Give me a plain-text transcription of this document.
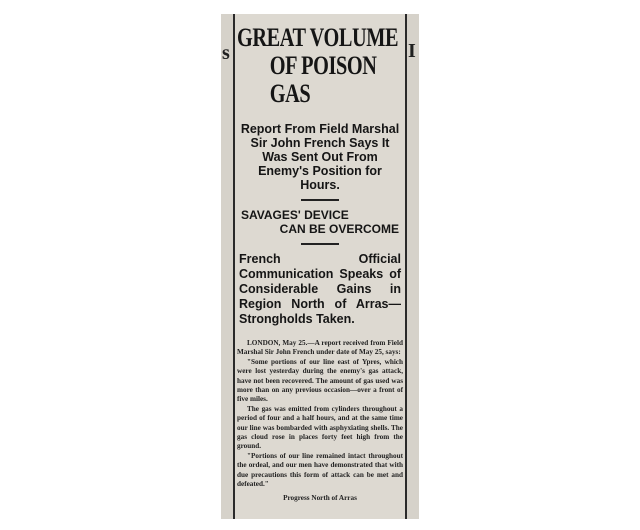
s	I
GREAT VOLUME
OF POISON GAS

Report From Field Marshal Sir John French Says It Was Sent Out From Enemy's Position for Hours.

SAVAGES' DEVICE
CAN BE OVERCOME

French Official Communication Speaks of Considerable Gains in Region North of Arras—Strongholds Taken.

LONDON, May 25.—A report received from Field Marshal Sir John French under date of May 25, says:

"Some portions of our line east of Ypres, which were lost yesterday during the enemy's gas attack, have not been recovered. The amount of gas used was more than on any previous occasion—over a front of five miles.

The gas was emitted from cylinders throughout a period of four and a half hours, and at the same time our line was bombarded with asphyxiating shells. The gas cloud rose in places forty feet high from the ground.

"Portions of our line remained intact throughout the ordeal, and our men have demonstrated that with due precautions this form of attack can be met and defeated."

Progress North of Arras
